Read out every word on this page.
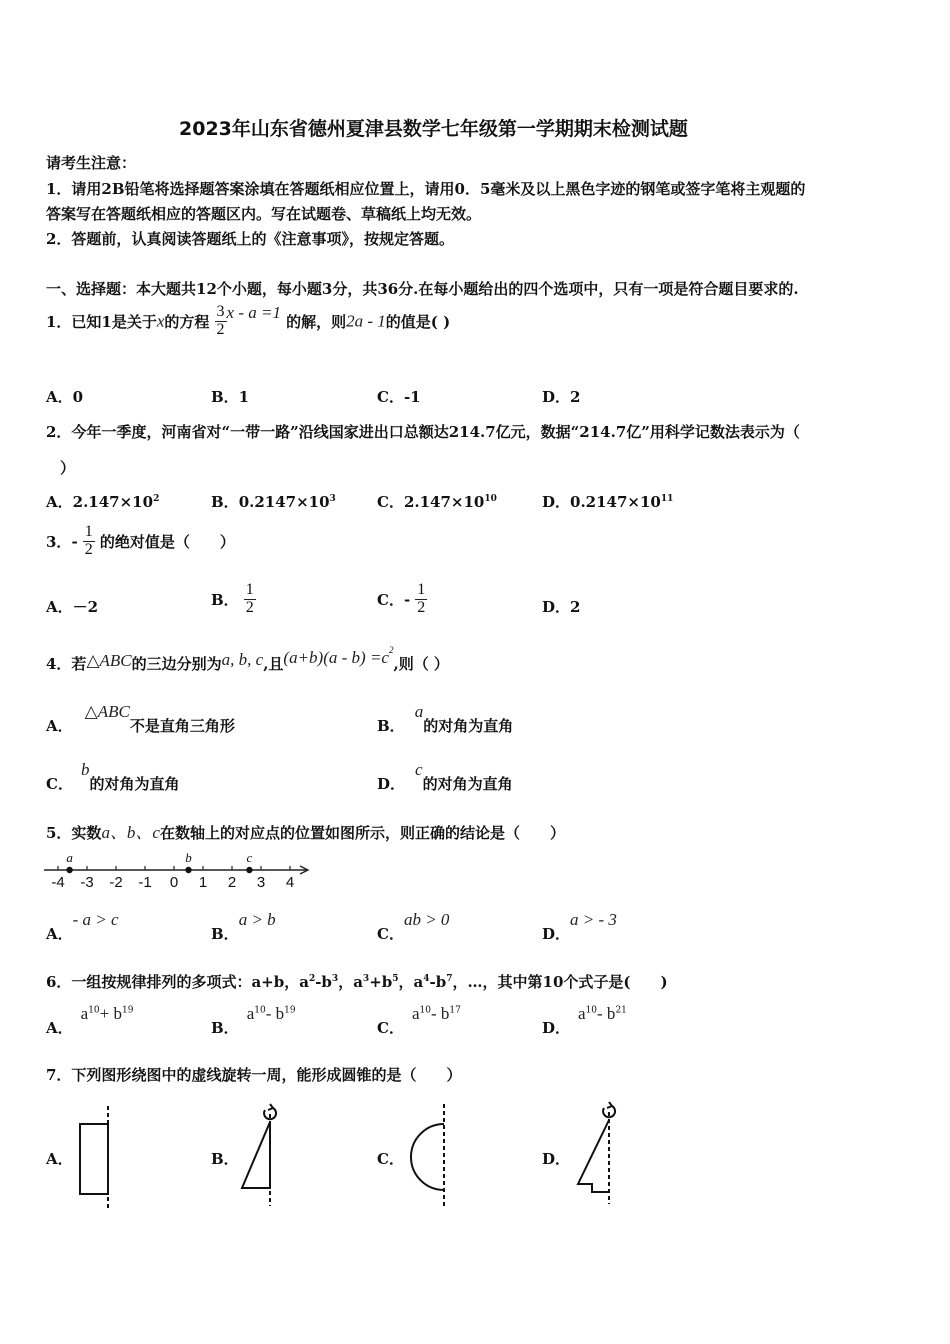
2023年山东省德州夏津县数学七年级第一学期期末检测试题
请考生注意：
1．请用2B铅笔将选择题答案涂填在答题纸相应位置上，请用0．5毫米及以上黑色字迹的钢笔或签字笔将主观题的
答案写在答题纸相应的答题区内。写在试题卷、草稿纸上均无效。
2．答题前，认真阅读答题纸上的《注意事项》，按规定答题。
一、选择题：本大题共12个小题，每小题3分，共36分.在每小题给出的四个选项中，只有一项是符合题目要求的.
1．已知1是关于x的方程 $\frac{3}{2}$ x - a =1 的解，则2a - 1的值是( )
A．0	B．1	C．-1	D．2
2．今年一季度，河南省对“一带一路”沿线国家进出口总额达214.7亿元，数据“214.7亿”用科学记数法表示为（
）
A．$2.147\times 10^2$	B．$0.2147\times 10^3$	C．$2.147\times 10^{10}$	D．$0.2147\times 10^{11}$
3．- $\frac{1}{2}$ 的绝对值是（　　）
A．－2	B． $\frac{1}{2}$	C．- $\frac{1}{2}$	D．2
4．若△ABC的三边分别为a, b, c,且$(a+b)(a - b) =c^2$,则（ ）
A．△ABC不是直角三角形	B．a的对角为直角
C．b的对角为直角	D．c的对角为直角
5．实数a、b、c在数轴上的对应点的位置如图所示，则正确的结论是（　　）
-4 -3 -2 -1 0 1 2 3 4
a	b	c
A．- a > c
B．a > b
C．ab > 0
D．a > - 3
6．一组按规律排列的多项式：a+b，$a^2-b^3$，$a^3+b^5$，$a^4-b^7$，…，其中第10个式子是(　　)
A．$a^{10}+ b^{19}$
B．$a^{10}-$ $b^{19}$
C．$a^{10}-$ $b^{17}$
D．$a^{10}-$ $b^{21}$
7．下列图形绕图中的虚线旋转一周，能形成圆锥的是（　　）
A．	B．	C．	D．
